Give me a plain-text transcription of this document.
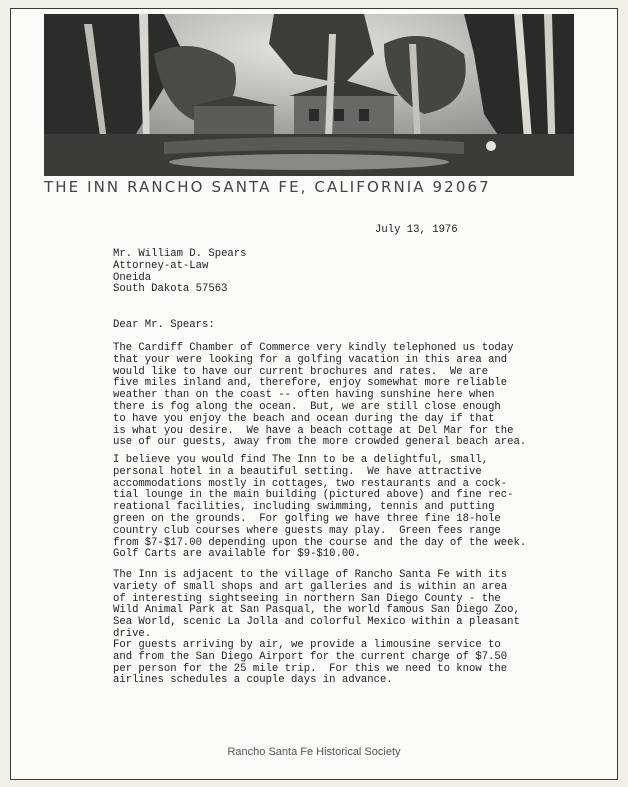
THE INN RANCHO SANTA FE, CALIFORNIA 92067
July 13, 1976
Mr. William D. Spears
Attorney-at-Law
Oneida
South Dakota 57563
Dear Mr. Spears:
The Cardiff Chamber of Commerce very kindly telephoned us today
that your were looking for a golfing vacation in this area and
would like to have our current brochures and rates.  We are
five miles inland and, therefore, enjoy somewhat more reliable
weather than on the coast -- often having sunshine here when
there is fog along the ocean.  But, we are still close enough
to have you enjoy the beach and ocean during the day if that
is what you desire.  We have a beach cottage at Del Mar for the
use of our guests, away from the more crowded general beach area.
I believe you would find The Inn to be a delightful, small,
personal hotel in a beautiful setting.  We have attractive
accommodations mostly in cottages, two restaurants and a cock-
tial lounge in the main building (pictured above) and fine rec-
reational facilities, including swimming, tennis and putting
green on the grounds.  For golfing we have three fine 18-hole
country club courses where guests may play.  Green fees range
from $7-$17.00 depending upon the course and the day of the week.
Golf Carts are available for $9-$10.00.
The Inn is adjacent to the village of Rancho Santa Fe with its
variety of small shops and art galleries and is within an area
of interesting sightseeing in northern San Diego County - the
Wild Animal Park at San Pasqual, the world famous San Diego Zoo,
Sea World, scenic La Jolla and colorful Mexico within a pleasant
drive.
For guests arriving by air, we provide a limousine service to
and from the San Diego Airport for the current charge of $7.50
per person for the 25 mile trip.  For this we need to know the
airlines schedules a couple days in advance.
Rancho Santa Fe Historical Society
